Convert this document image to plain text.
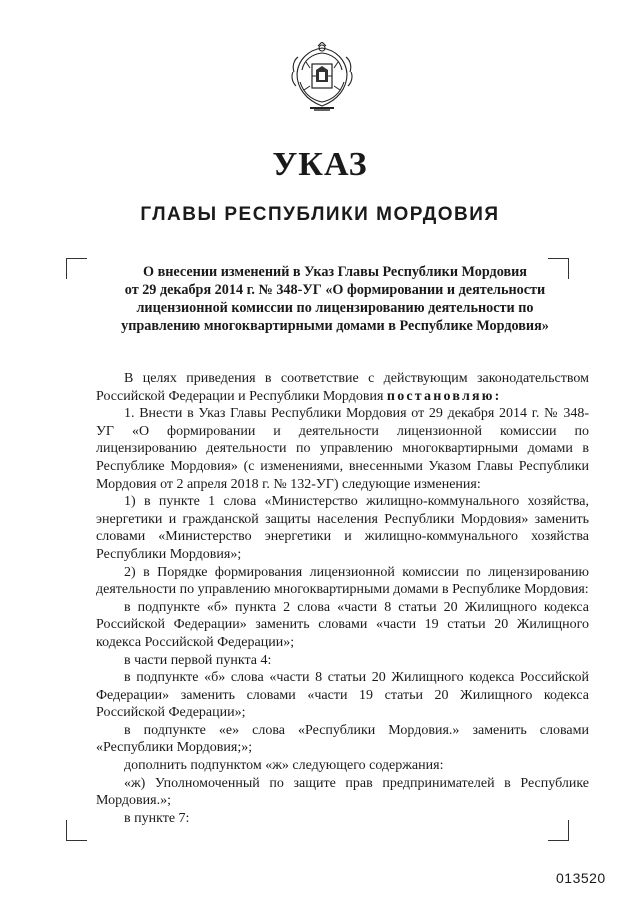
УКАЗ
ГЛАВЫ РЕСПУБЛИКИ МОРДОВИЯ
О внесении изменений в Указ Главы Республики Мордовия
от 29 декабря 2014 г. № 348-УГ «О формировании и деятельности
лицензионной комиссии по лицензированию деятельности по
управлению многоквартирными домами в Республике Мордовия»

В целях приведения в соответствие с действующим законодательством Российской Федерации и Республики Мордовия постановляю:

1. Внести в Указ Главы Республики Мордовия от 29 декабря 2014 г. № 348-УГ «О формировании и деятельности лицензионной комиссии по лицензированию деятельности по управлению многоквартирными домами в Республике Мордовия» (с изменениями, внесенными Указом Главы Республики Мордовия от 2 апреля 2018 г. № 132-УГ) следующие изменения:

1) в пункте 1 слова «Министерство жилищно-коммунального хозяйства, энергетики и гражданской защиты населения Республики Мордовия» заменить словами «Министерство энергетики и жилищно-коммунального хозяйства Республики Мордовия»;

2) в Порядке формирования лицензионной комиссии по лицензированию деятельности по управлению многоквартирными домами в Республике Мордовия:

в подпункте «б» пункта 2 слова «части 8 статьи 20 Жилищного кодекса Российской Федерации» заменить словами «части 19 статьи 20 Жилищного кодекса Российской Федерации»;

в части первой пункта 4:

в подпункте «б» слова «части 8 статьи 20 Жилищного кодекса Российской Федерации» заменить словами «части 19 статьи 20 Жилищного кодекса Российской Федерации»;

в подпункте «е» слова «Республики Мордовия.» заменить словами «Республики Мордовия;»;

дополнить подпунктом «ж» следующего содержания:

«ж) Уполномоченный по защите прав предпринимателей в Республике Мордовия.»;

в пункте 7:

013520
